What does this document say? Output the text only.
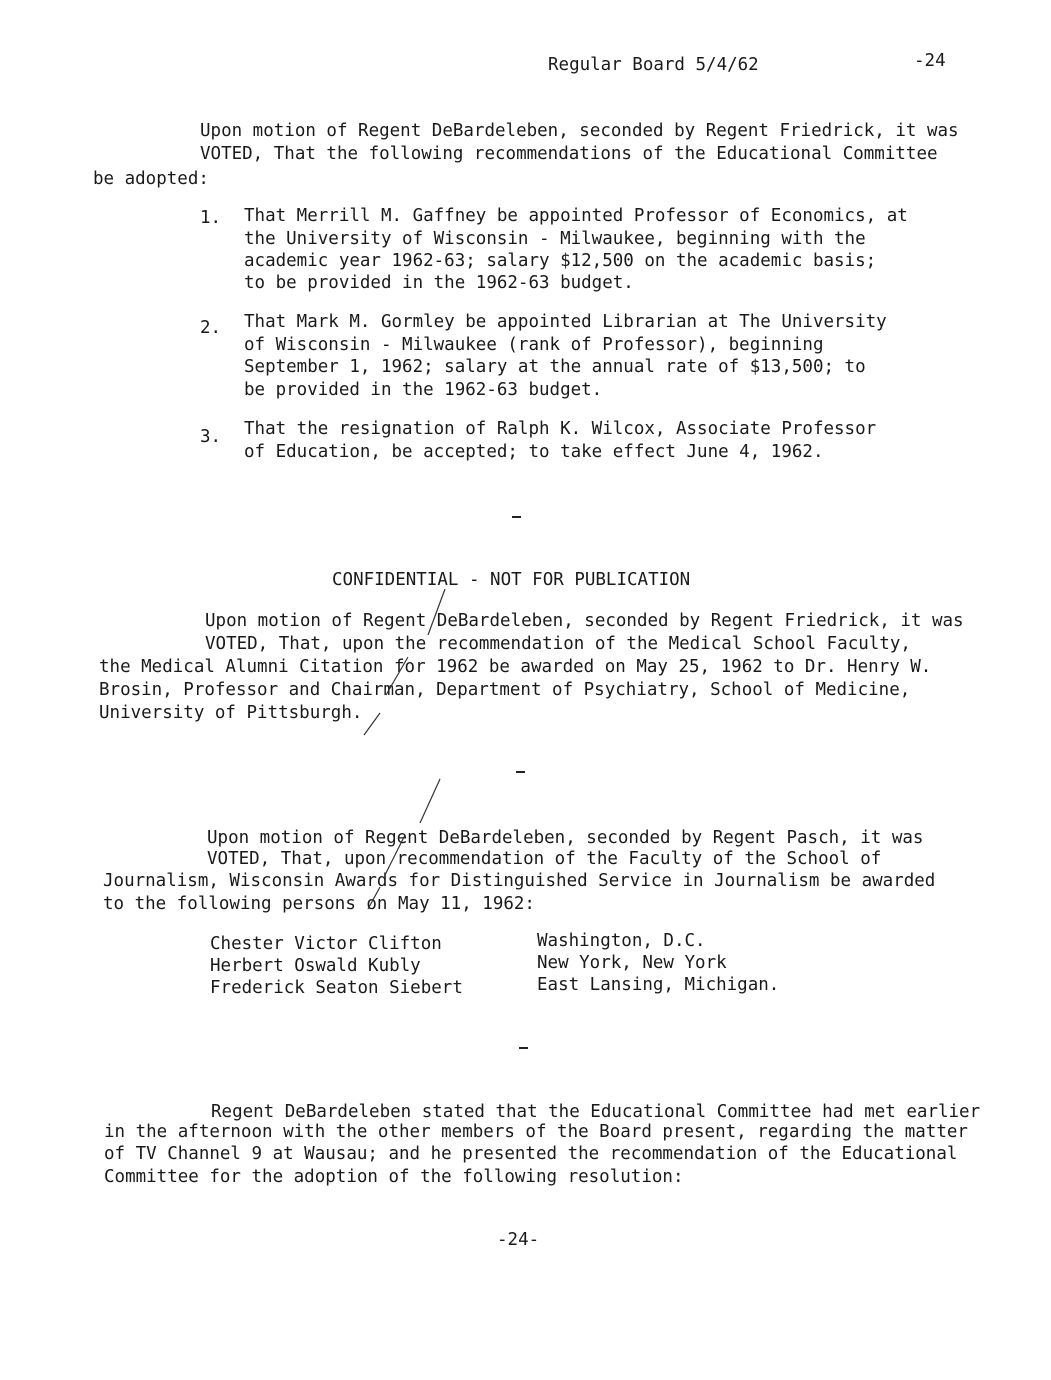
Regular Board 5/4/62	-24
Upon motion of Regent DeBardeleben, seconded by Regent Friedrick, it was
VOTED, That the following recommendations of the Educational Committee
be adopted:
1. That Merrill M. Gaffney be appointed Professor of Economics, at
the University of Wisconsin - Milwaukee, beginning with the
academic year 1962-63; salary $12,500 on the academic basis;
to be provided in the 1962-63 budget.
2. That Mark M. Gormley be appointed Librarian at The University
of Wisconsin - Milwaukee (rank of Professor), beginning
September 1, 1962; salary at the annual rate of $13,500; to
be provided in the 1962-63 budget.
3. That the resignation of Ralph K. Wilcox, Associate Professor
of Education, be accepted; to take effect June 4, 1962.
CONFIDENTIAL - NOT FOR PUBLICATION
Upon motion of Regent DeBardeleben, seconded by Regent Friedrick, it was
VOTED, That, upon the recommendation of the Medical School Faculty,
the Medical Alumni Citation for 1962 be awarded on May 25, 1962 to Dr. Henry W.
Brosin, Professor and Chairman, Department of Psychiatry, School of Medicine,
University of Pittsburgh.
Upon motion of Regent DeBardeleben, seconded by Regent Pasch, it was
VOTED, That, upon recommendation of the Faculty of the School of
Journalism, Wisconsin Awards for Distinguished Service in Journalism be awarded
to the following persons on May 11, 1962:
Chester Victor Clifton	Washington, D.C.
Herbert Oswald Kubly	New York, New York
Frederick Seaton Siebert	East Lansing, Michigan.
Regent DeBardeleben stated that the Educational Committee had met earlier
in the afternoon with the other members of the Board present, regarding the matter
of TV Channel 9 at Wausau; and he presented the recommendation of the Educational
Committee for the adoption of the following resolution:
-24-
